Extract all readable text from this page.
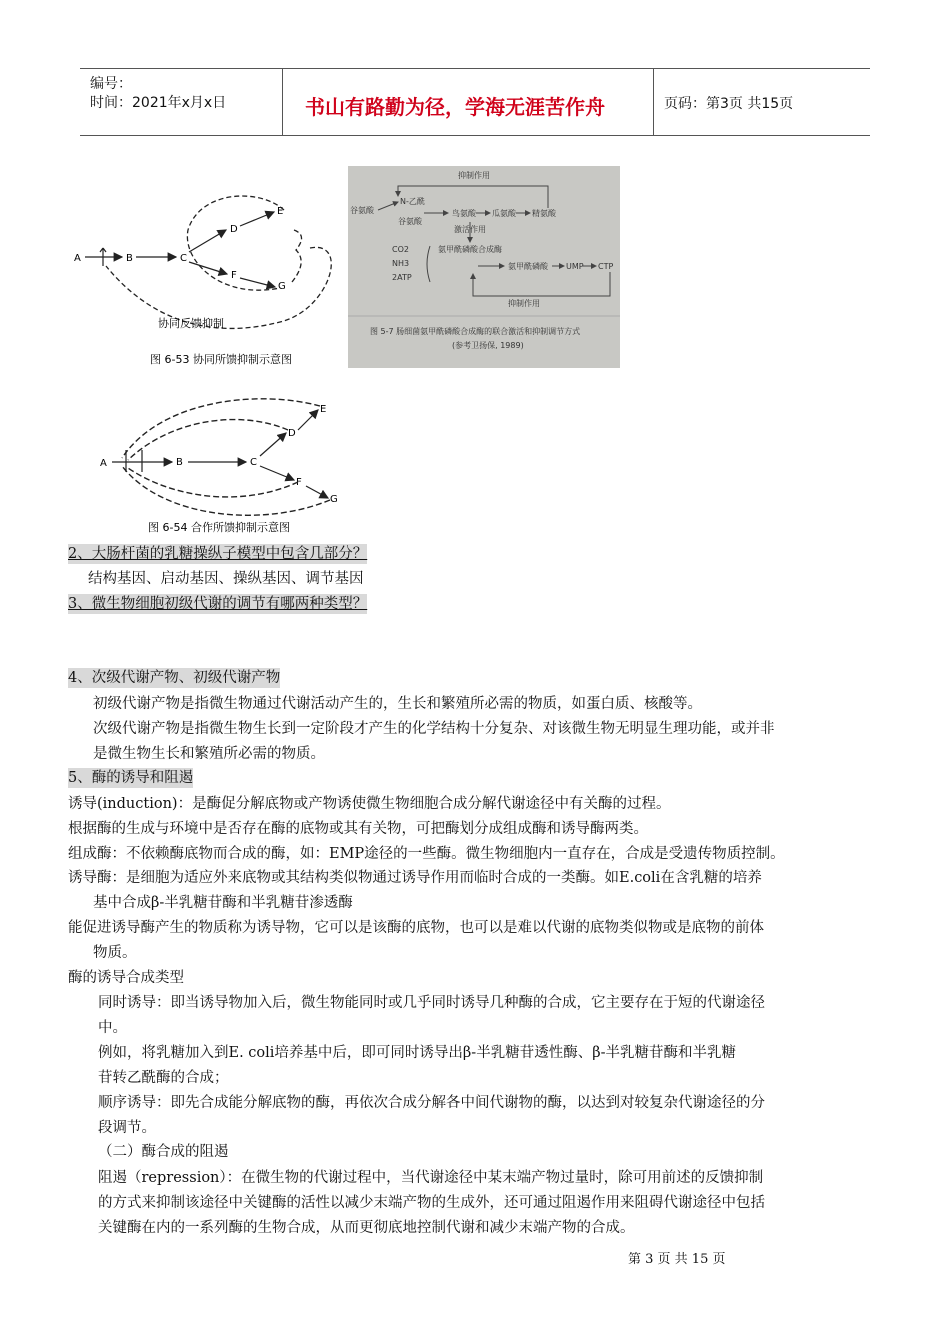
编号：
时间：2021年x月x日	书山有路勤为径，学海无涯苦作舟	页码：第3页 共15页
A	B	C
D
E
F
G
协同反馈抑制
图 6-53 协同所馈抑制示意图
抑制作用
N-乙酰
谷氨酸
谷氨酸
鸟氨酸 瓜氨酸 精氨酸
激活作用
CO2
NH3
2ATP
氨甲酰磷酸合成酶
氨甲酰磷酸 UMP CTP
抑制作用
图 5-7 肠细菌氨甲酰磷酸合成酶的联合激活和抑制调节方式
(参考卫扬保, 1989)
A	B	C
D
E
F
G
图 6-54 合作所馈抑制示意图
2、大肠杆菌的乳糖操纵子模型中包含几部分？
结构基因、启动基因、操纵基因、调节基因
3、微生物细胞初级代谢的调节有哪两种类型？
4、次级代谢产物、初级代谢产物
初级代谢产物是指微生物通过代谢活动产生的，生长和繁殖所必需的物质，如蛋白质、核酸等。
次级代谢产物是指微生物生长到一定阶段才产生的化学结构十分复杂、对该微生物无明显生理功能，或并非
是微生物生长和繁殖所必需的物质。
5、酶的诱导和阻遏
诱导(induction)：是酶促分解底物或产物诱使微生物细胞合成分解代谢途径中有关酶的过程。
根据酶的生成与环境中是否存在酶的底物或其有关物，可把酶划分成组成酶和诱导酶两类。
组成酶：不依赖酶底物而合成的酶，如：EMP途径的一些酶。微生物细胞内一直存在，合成是受遗传物质控制。
诱导酶：是细胞为适应外来底物或其结构类似物通过诱导作用而临时合成的一类酶。如E.coli在含乳糖的培养
基中合成β-半乳糖苷酶和半乳糖苷渗透酶
能促进诱导酶产生的物质称为诱导物，它可以是该酶的底物，也可以是难以代谢的底物类似物或是底物的前体
物质。
酶的诱导合成类型
同时诱导：即当诱导物加入后，微生物能同时或几乎同时诱导几种酶的合成，它主要存在于短的代谢途径
中。
例如，将乳糖加入到E. coli培养基中后，即可同时诱导出β-半乳糖苷透性酶、β-半乳糖苷酶和半乳糖
苷转乙酰酶的合成；
顺序诱导：即先合成能分解底物的酶，再依次合成分解各中间代谢物的酶，以达到对较复杂代谢途径的分
段调节。
（二）酶合成的阻遏
阻遏（repression）：在微生物的代谢过程中，当代谢途径中某末端产物过量时，除可用前述的反馈抑制
的方式来抑制该途径中关键酶的活性以减少末端产物的生成外，还可通过阻遏作用来阻碍代谢途径中包括
关键酶在内的一系列酶的生物合成，从而更彻底地控制代谢和减少末端产物的合成。
第 3 页 共 15 页
